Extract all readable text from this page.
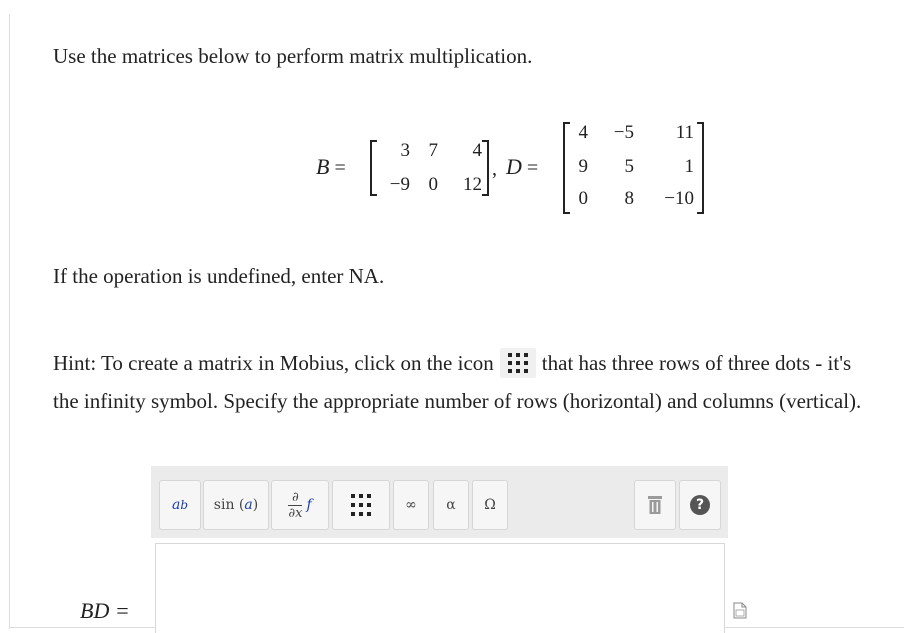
Use the matrices below to perform matrix multiplication.
B =
3 7	4
−9 0	12
, D =
4	−5	11
9	5	1
0	8	−10
If the operation is undefined, enter NA.
Hint: To create a matrix in Mobius, click on the icon that has three rows of three dots - it's
the infinity symbol. Specify the appropriate number of rows (horizontal) and columns (vertical).
a b sin ( a )	∂
∂x f	∞ α Ω	?
BD =
